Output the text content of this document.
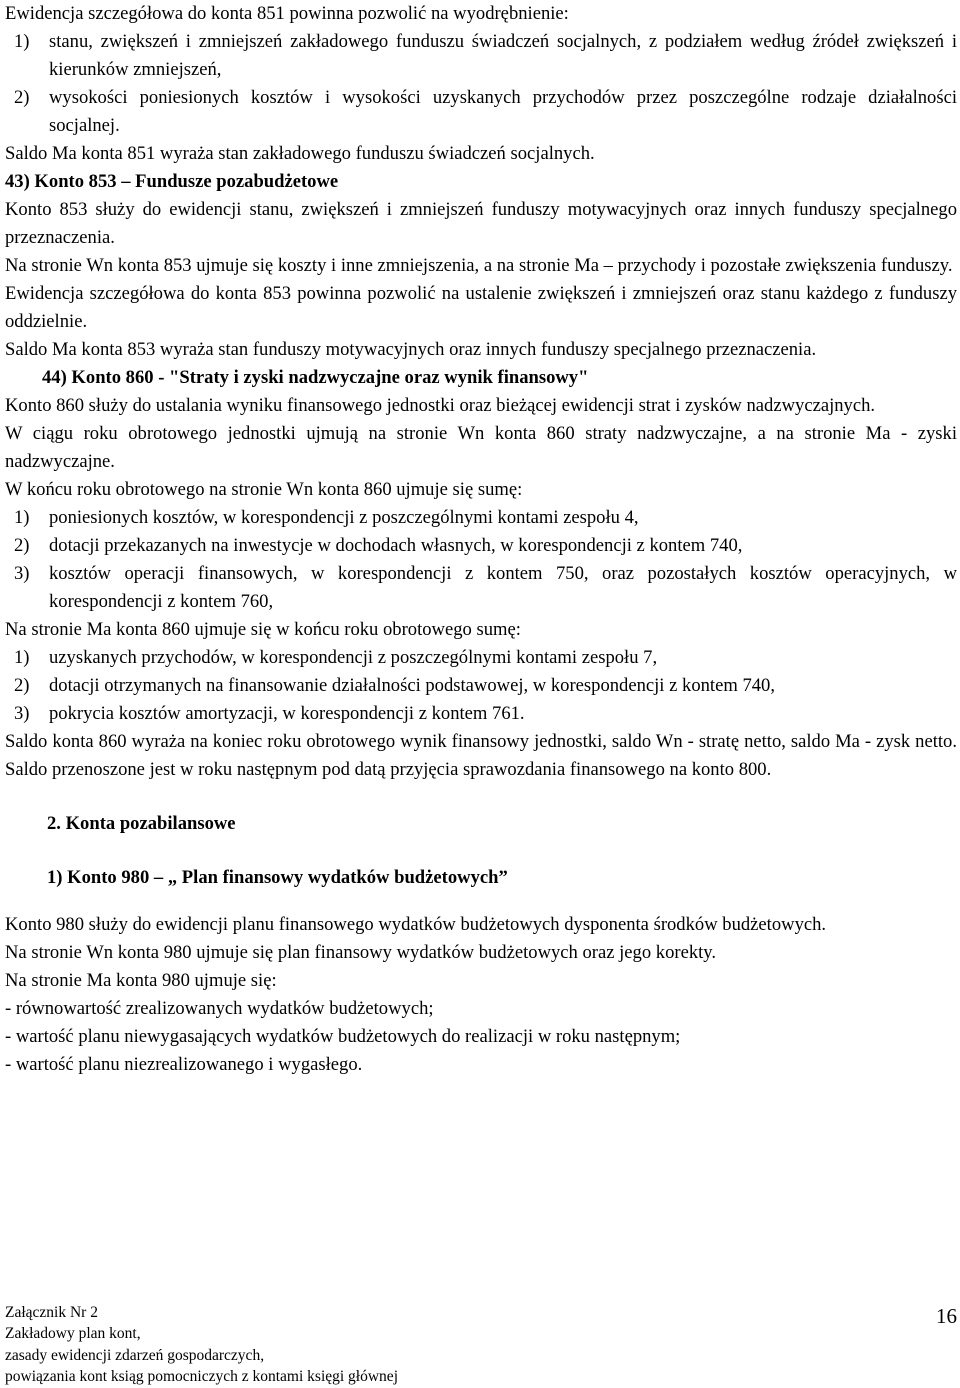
Ewidencja szczegółowa do konta 851 powinna pozwolić na wyodrębnienie:

1)	stanu, zwiększeń i zmniejszeń zakładowego funduszu świadczeń socjalnych, z podziałem według źródeł zwiększeń i kierunków zmniejszeń,
2)	wysokości poniesionych kosztów i wysokości uzyskanych przychodów przez poszczególne rodzaje działalności socjalnej.

Saldo Ma konta 851 wyraża stan zakładowego funduszu świadczeń socjalnych.

43) Konto 853 – Fundusze pozabudżetowe

Konto 853 służy do ewidencji stanu, zwiększeń i zmniejszeń funduszy motywacyjnych oraz innych funduszy specjalnego przeznaczenia.

Na stronie Wn konta 853 ujmuje się koszty i inne zmniejszenia, a na stronie Ma – przychody i pozostałe zwiększenia funduszy.

Ewidencja szczegółowa do konta 853 powinna pozwolić na ustalenie zwiększeń i zmniejszeń oraz stanu każdego z funduszy oddzielnie.

Saldo Ma konta 853 wyraża stan funduszy motywacyjnych oraz innych funduszy specjalnego przeznaczenia.

44) Konto 860 - "Straty i zyski nadzwyczajne oraz wynik finansowy"

Konto 860 służy do ustalania wyniku finansowego jednostki oraz bieżącej ewidencji strat i zysków nadzwyczajnych.

W ciągu roku obrotowego jednostki ujmują na stronie Wn konta 860 straty nadzwyczajne, a na stronie Ma - zyski nadzwyczajne.

W końcu roku obrotowego na stronie Wn konta 860 ujmuje się sumę:

1)	poniesionych kosztów, w korespondencji z poszczególnymi kontami zespołu 4,
2)	dotacji przekazanych na inwestycje w dochodach własnych, w korespondencji z kontem 740,
3)	kosztów operacji finansowych, w korespondencji z kontem 750, oraz pozostałych kosztów operacyjnych, w korespondencji z kontem 760,

Na stronie Ma konta 860 ujmuje się w końcu roku obrotowego sumę:

1)	uzyskanych przychodów, w korespondencji z poszczególnymi kontami zespołu 7,
2)	dotacji otrzymanych na finansowanie działalności podstawowej, w korespondencji z kontem 740,
3)	pokrycia kosztów amortyzacji, w korespondencji z kontem 761.

Saldo konta 860 wyraża na koniec roku obrotowego wynik finansowy jednostki, saldo Wn - stratę netto, saldo Ma - zysk netto. Saldo przenoszone jest w roku następnym pod datą przyjęcia sprawozdania finansowego na konto 800.

2. Konta pozabilansowe

1) Konto 980 – „ Plan finansowy wydatków budżetowych”

Konto 980 służy do ewidencji planu finansowego wydatków budżetowych dysponenta środków budżetowych.

Na stronie Wn konta 980 ujmuje się plan finansowy wydatków budżetowych oraz jego korekty.

Na stronie Ma konta 980 ujmuje się:

- równowartość zrealizowanych wydatków budżetowych;

- wartość planu niewygasających wydatków budżetowych do realizacji w roku następnym;

- wartość planu niezrealizowanego i wygasłego.

Załącznik Nr 2
Zakładowy plan kont,
zasady ewidencji zdarzeń gospodarczych,
powiązania kont ksiąg pomocniczych z kontami księgi głównej
16
